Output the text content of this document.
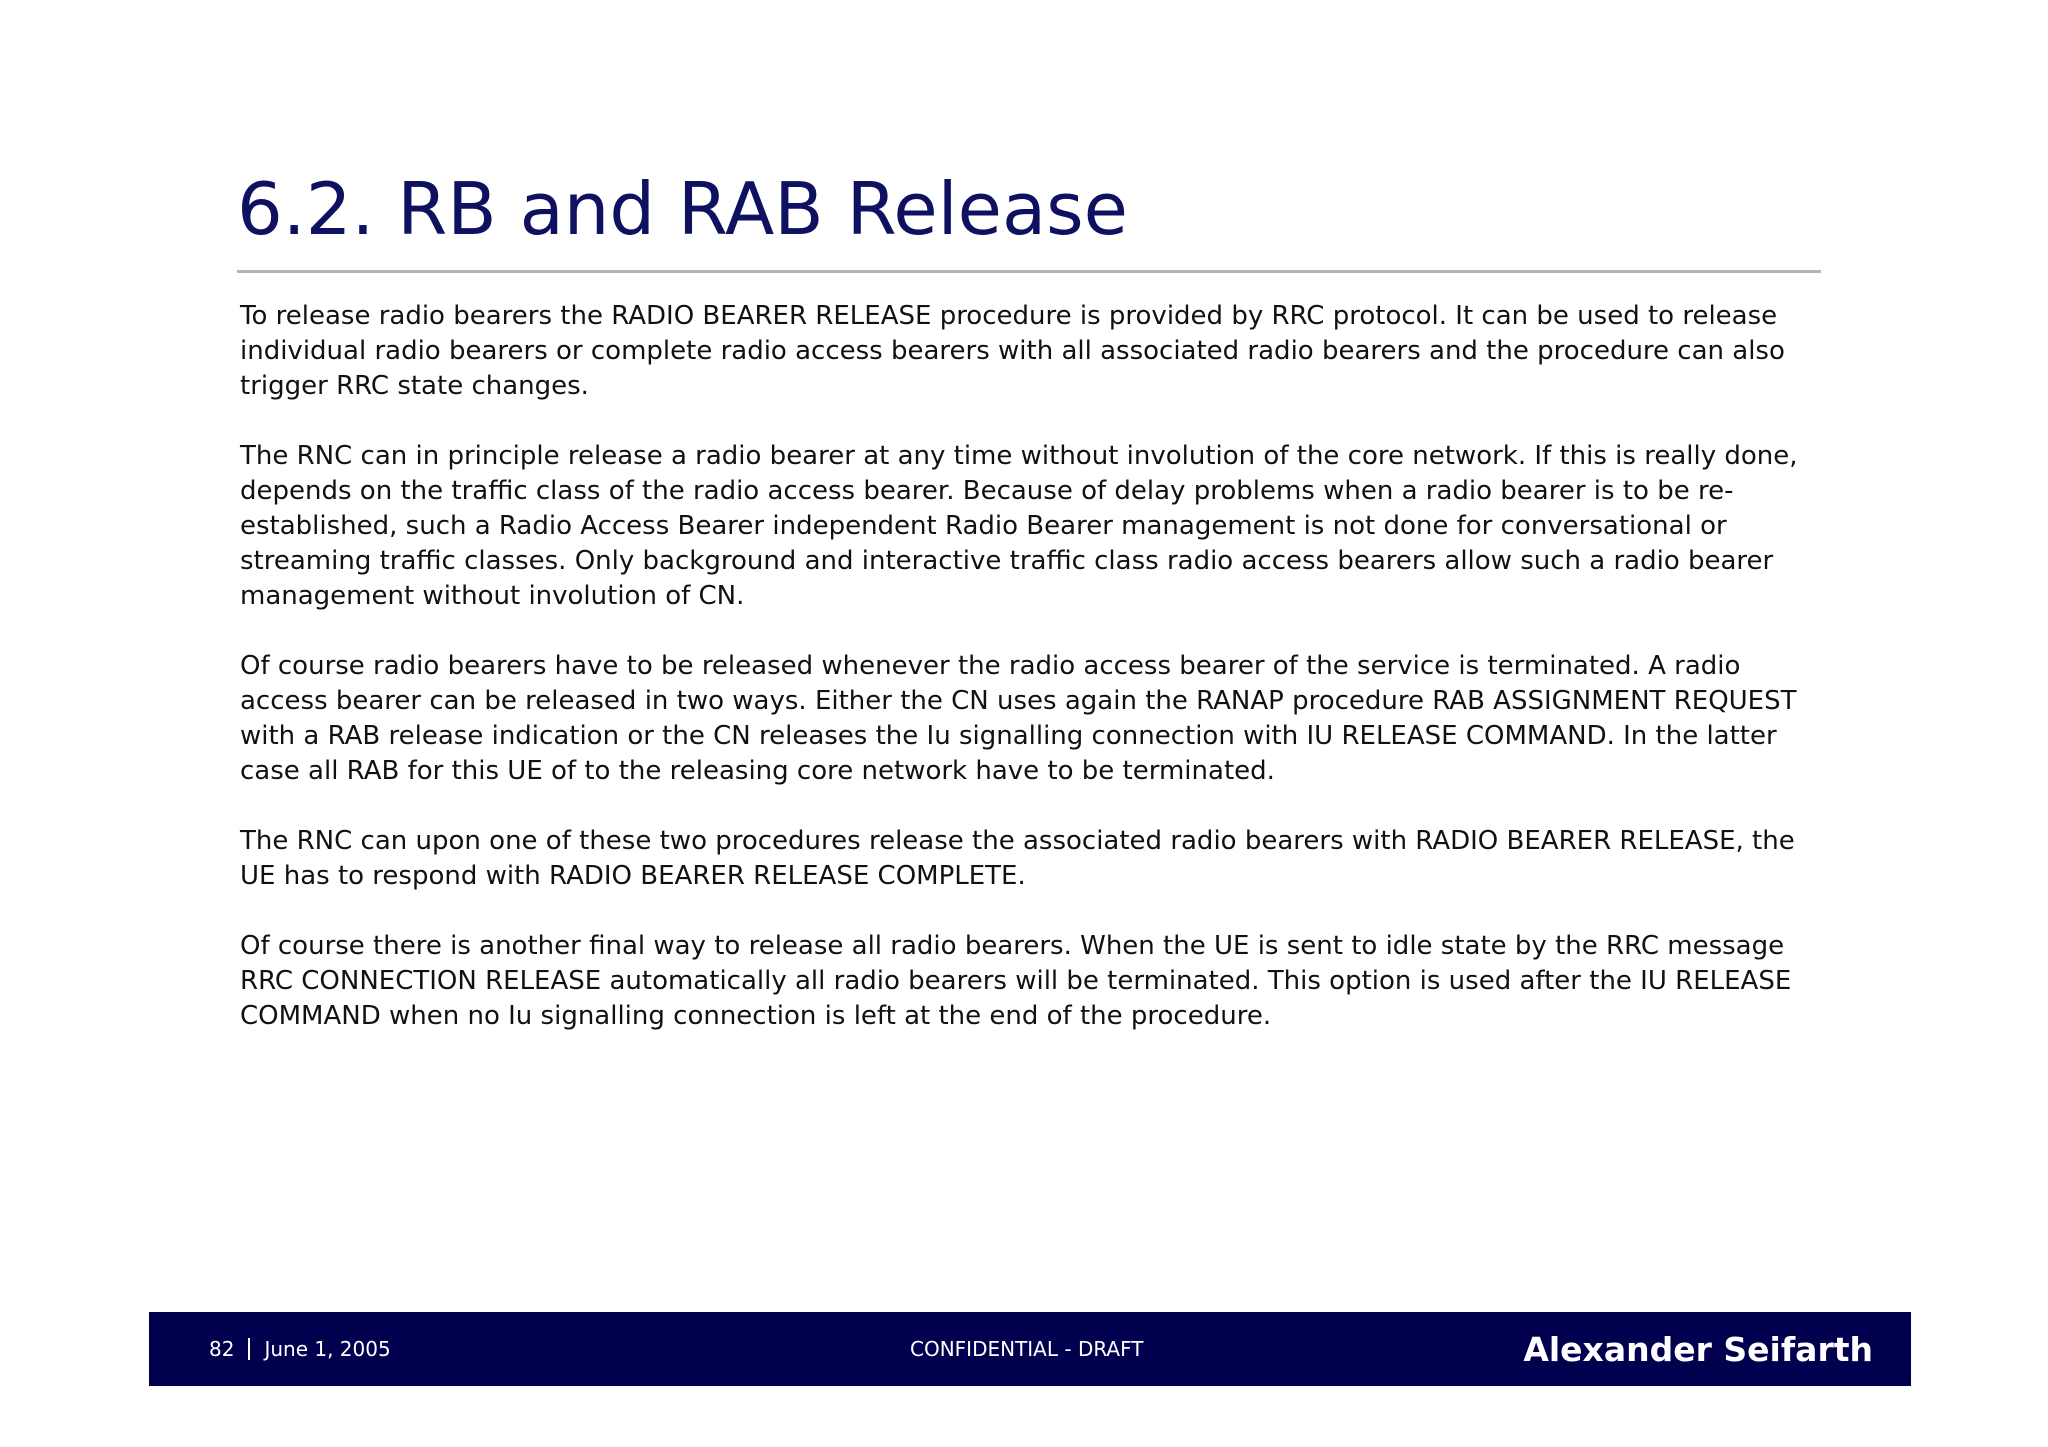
6.2. RB and RAB Release

To release radio bearers the RADIO BEARER RELEASE procedure is provided by RRC protocol. It can be used to release individual radio bearers or complete radio access bearers with all associated radio bearers and the procedure can also trigger RRC state changes.

The RNC can in principle release a radio bearer at any time without involution of the core network. If this is really done, depends on the traffic class of the radio access bearer. Because of delay problems when a radio bearer is to be re-established, such a Radio Access Bearer independent Radio Bearer management is not done for conversational or streaming traffic classes. Only background and interactive traffic class radio access bearers allow such a radio bearer management without involution of CN.

Of course radio bearers have to be released whenever the radio access bearer of the service is terminated. A radio access bearer can be released in two ways. Either the CN uses again the RANAP procedure RAB ASSIGNMENT REQUEST with a RAB release indication or the CN releases the Iu signalling connection with IU RELEASE COMMAND. In the latter case all RAB for this UE of to the releasing core network have to be terminated.

The RNC can upon one of these two procedures release the associated radio bearers with RADIO BEARER RELEASE, the UE has to respond with RADIO BEARER RELEASE COMPLETE.

Of course there is another final way to release all radio bearers. When the UE is sent to idle state by the RRC message RRC CONNECTION RELEASE automatically all radio bearers will be terminated. This option is used after the IU RELEASE COMMAND when no Iu signalling connection is left at the end of the procedure.

82 June 1, 2005	CONFIDENTIAL - DRAFT	Alexander Seifarth
